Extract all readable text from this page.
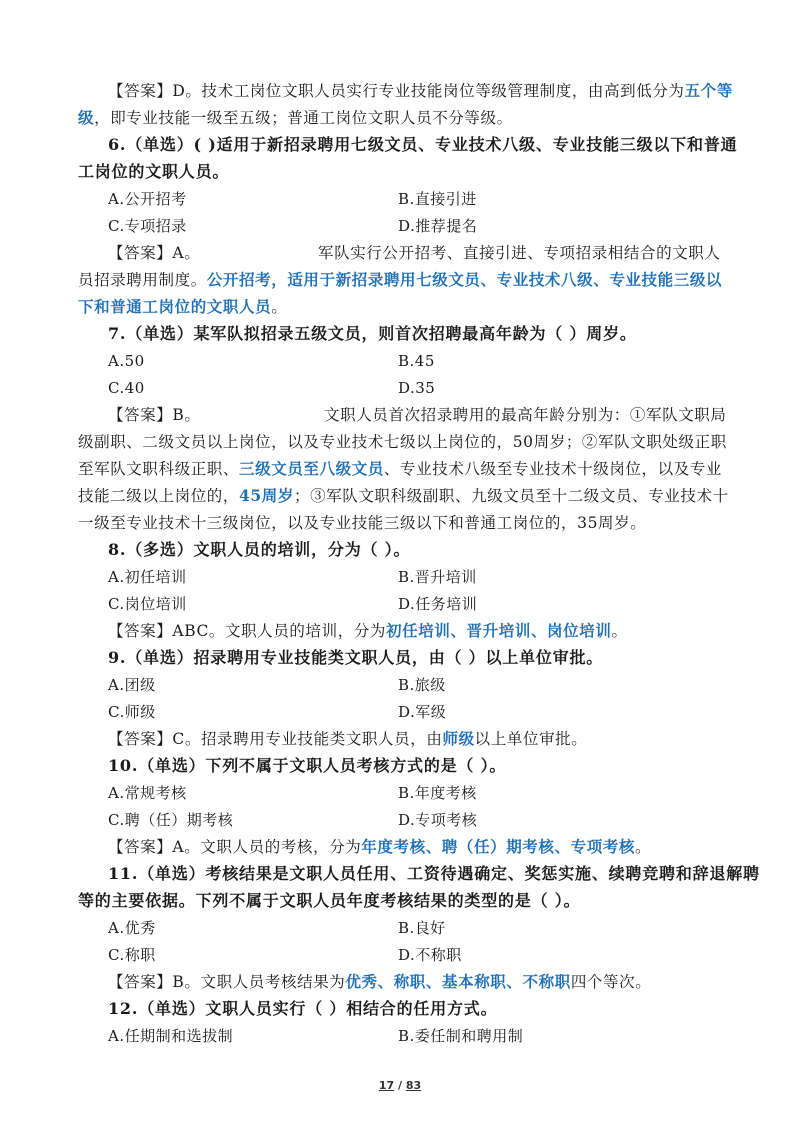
【答案】D。技术工岗位文职人员实行专业技能岗位等级管理制度，由高到低分为五个等
级，即专业技能一级至五级；普通工岗位文职人员不分等级。
6.（单选）( )适用于新招录聘用七级文员、专业技术八级、专业技能三级以下和普通
工岗位的文职人员。
A.公开招考	B.直接引进
C.专项招录	D.推荐提名
【答案】A。	军队实行公开招考、直接引进、专项招录相结合的文职人
员招录聘用制度。公开招考，适用于新招录聘用七级文员、专业技术八级、专业技能三级以
下和普通工岗位的文职人员。
7.（单选）某军队拟招录五级文员，则首次招聘最高年龄为（ ）周岁。
A.50	B.45
C.40	D.35
【答案】B。	文职人员首次招录聘用的最高年龄分别为：①军队文职局
级副职、二级文员以上岗位，以及专业技术七级以上岗位的，50周岁；②军队文职处级正职
至军队文职科级正职、三级文员至八级文员、专业技术八级至专业技术十级岗位，以及专业
技能二级以上岗位的，45周岁；③军队文职科级副职、九级文员至十二级文员、专业技术十
一级至专业技术十三级岗位，以及专业技能三级以下和普通工岗位的，35周岁。
8.（多选）文职人员的培训，分为（ ）。
A.初任培训	B.晋升培训
C.岗位培训	D.任务培训
【答案】ABC。文职人员的培训，分为初任培训、晋升培训、岗位培训。
9.（单选）招录聘用专业技能类文职人员，由（ ）以上单位审批。
A.团级	B.旅级
C.师级	D.军级
【答案】C。招录聘用专业技能类文职人员，由师级以上单位审批。
10.（单选）下列不属于文职人员考核方式的是（ ）。
A.常规考核	B.年度考核
C.聘（任）期考核	D.专项考核
【答案】A。文职人员的考核，分为年度考核、聘（任）期考核、专项考核。
11.（单选）考核结果是文职人员任用、工资待遇确定、奖惩实施、续聘竞聘和辞退解聘
等的主要依据。下列不属于文职人员年度考核结果的类型的是（ ）。
A.优秀	B.良好
C.称职	D.不称职
【答案】B。文职人员考核结果为优秀、称职、基本称职、不称职四个等次。
12.（单选）文职人员实行（ ）相结合的任用方式。
A.任期制和选拔制	B.委任制和聘用制
17 / 83
